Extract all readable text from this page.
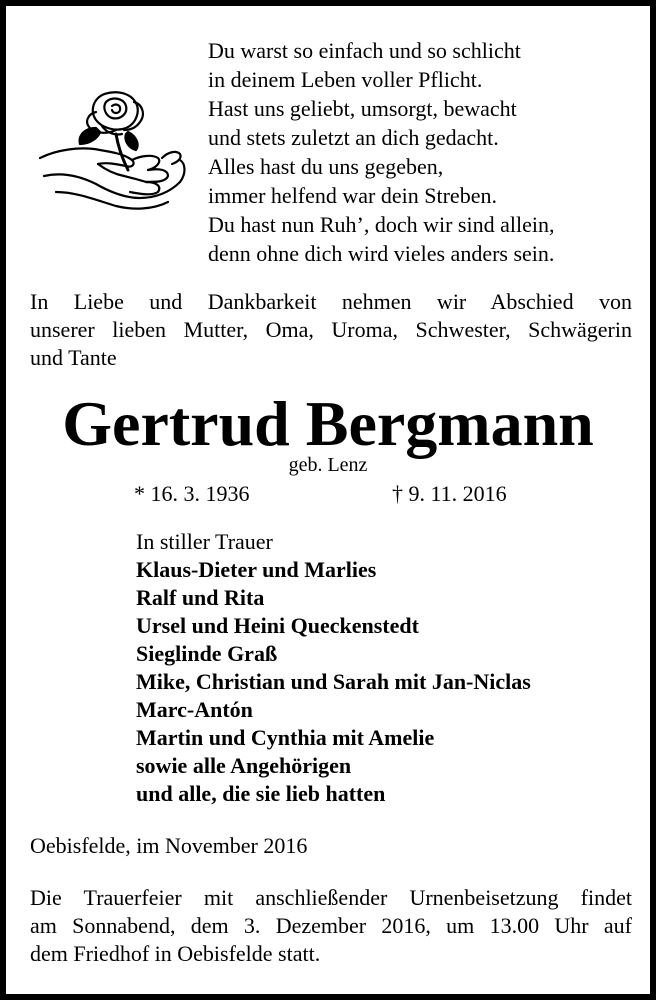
Du warst so einfach und so schlicht
in deinem Leben voller Pflicht.
Hast uns geliebt, umsorgt, bewacht
und stets zuletzt an dich gedacht.
Alles hast du uns gegeben,
immer helfend war dein Streben.
Du hast nun Ruh’, doch wir sind allein,
denn ohne dich wird vieles anders sein.
In Liebe und Dankbarkeit nehmen wir Abschied von
unserer lieben Mutter, Oma, Uroma, Schwester, Schwägerin
und Tante
Gertrud Bergmann
geb. Lenz
* 16. 3. 1936	† 9. 11. 2016
In stiller Trauer
Klaus-Dieter und Marlies
Ralf und Rita
Ursel und Heini Queckenstedt
Sieglinde Graß
Mike, Christian und Sarah mit Jan-Niclas
Marc-Antón
Martin und Cynthia mit Amelie
sowie alle Angehörigen
und alle, die sie lieb hatten
Oebisfelde, im November 2016
Die Trauerfeier mit anschließender Urnenbeisetzung findet
am Sonnabend, dem 3. Dezember 2016, um 13.00 Uhr auf
dem Friedhof in Oebisfelde statt.
